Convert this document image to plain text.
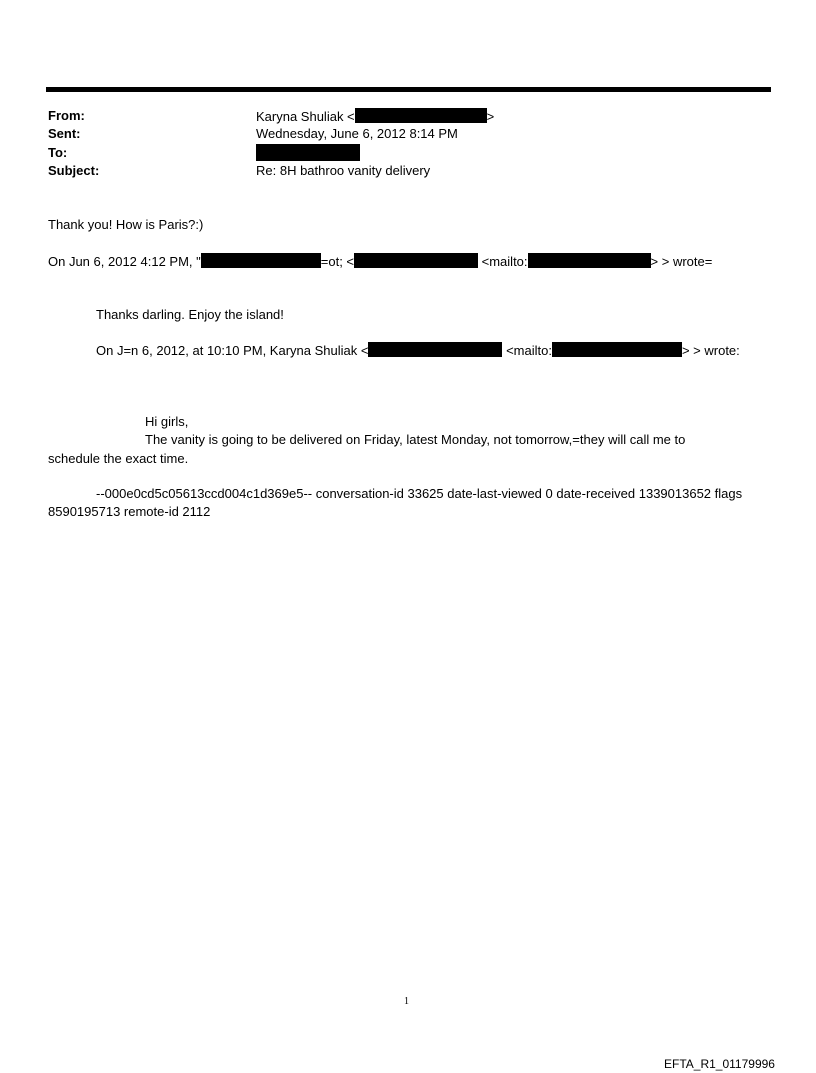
From:	Karyna Shuliak <	>
Sent:	Wednesday, June 6, 2012 8:14 PM
To:
Subject:	Re: 8H bathroo vanity delivery
Thank you! How is Paris?:)
On Jun 6, 2012 4:12 PM, "	=ot; <	<mailto:	> > wrote=
Thanks darling. Enjoy the island!
On J=n 6, 2012, at 10:10 PM, Karyna Shuliak <	<mailto:	> > wrote:
Hi girls,
The vanity is going to be delivered on Friday, latest Monday, not tomorrow,=they will call me to
schedule the exact time.
--000e0cd5c05613ccd004c1d369e5-- conversation-id 33625 date-last-viewed 0 date-received 1339013652 flags
8590195713 remote-id 2112
1
EFTA_R1_01179996
